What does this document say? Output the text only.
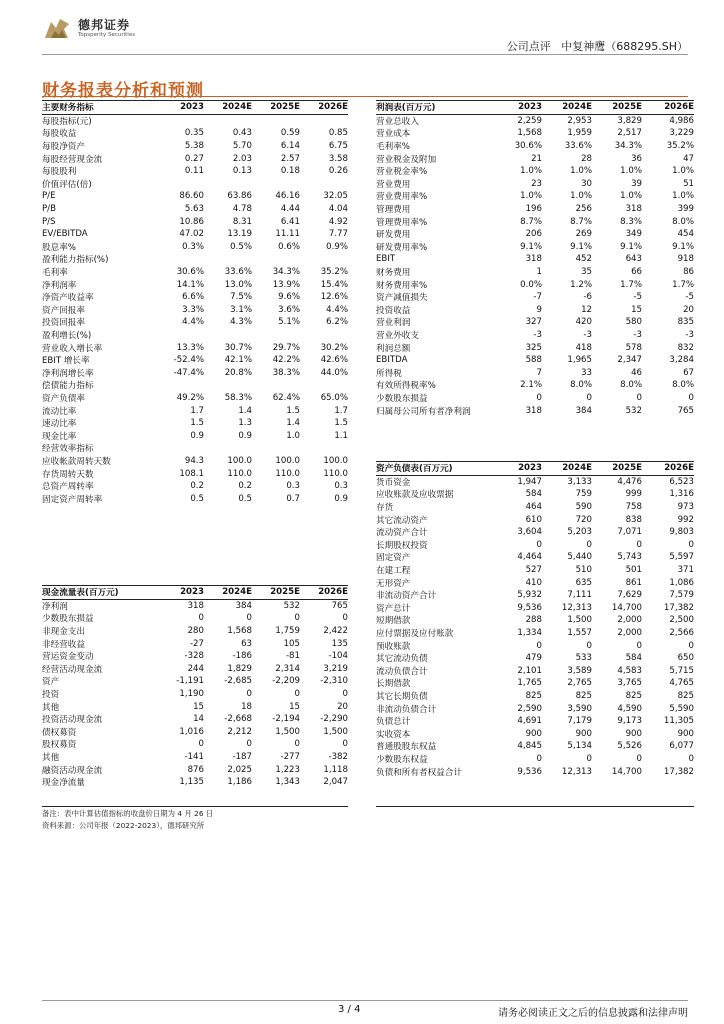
德邦证券
Topsperity Securities
公司点评   中复神鹰（688295.SH）
财务报表分析和预测
主要财务指标	2023	2024E	2025E	2026E
每股指标(元)				
每股收益	0.35	0.43	0.59	0.85
每股净资产	5.38	5.70	6.14	6.75
每股经营现金流	0.27	2.03	2.57	3.58
每股股利	0.11	0.13	0.18	0.26
价值评估(倍)				
P/E	86.60	63.86	46.16	32.05
P/B	5.63	4.78	4.44	4.04
P/S	10.86	8.31	6.41	4.92
EV/EBITDA	47.02	13.19	11.11	7.77
股息率%	0.3%	0.5%	0.6%	0.9%
盈利能力指标(%)				
毛利率	30.6%	33.6%	34.3%	35.2%
净利润率	14.1%	13.0%	13.9%	15.4%
净资产收益率	6.6%	7.5%	9.6%	12.6%
资产回报率	3.3%	3.1%	3.6%	4.4%
投资回报率	4.4%	4.3%	5.1%	6.2%
盈利增长(%)				
营业收入增长率	13.3%	30.7%	29.7%	30.2%
EBIT 增长率	-52.4%	42.1%	42.2%	42.6%
净利润增长率	-47.4%	20.8%	38.3%	44.0%
偿债能力指标				
资产负债率	49.2%	58.3%	62.4%	65.0%
流动比率	1.7	1.4	1.5	1.7
速动比率	1.5	1.3	1.4	1.5
现金比率	0.9	0.9	1.0	1.1
经营效率指标				
应收帐款周转天数	94.3	100.0	100.0	100.0
存货周转天数	108.1	110.0	110.0	110.0
总资产周转率	0.2	0.2	0.3	0.3
固定资产周转率	0.5	0.5	0.7	0.9
现金流量表(百万元)	2023	2024E	2025E	2026E
净利润	318	384	532	765
少数股东损益	0	0	0	0
非现金支出	280	1,568	1,759	2,422
非经营收益	-27	63	105	135
营运资金变动	-328	-186	-81	-104
经营活动现金流	244	1,829	2,314	3,219
资产	-1,191	-2,685	-2,209	-2,310
投资	1,190	0	0	0
其他	15	18	15	20
投资活动现金流	14	-2,668	-2,194	-2,290
债权募资	1,016	2,212	1,500	1,500
股权募资	0	0	0	0
其他	-141	-187	-277	-382
融资活动现金流	876	2,025	1,223	1,118
现金净流量	1,135	1,186	1,343	2,047
利润表(百万元)	2023	2024E	2025E	2026E
营业总收入	2,259	2,953	3,829	4,986
营业成本	1,568	1,959	2,517	3,229
毛利率%	30.6%	33.6%	34.3%	35.2%
营业税金及附加	21	28	36	47
营业税金率%	1.0%	1.0%	1.0%	1.0%
营业费用	23	30	39	51
营业费用率%	1.0%	1.0%	1.0%	1.0%
管理费用	196	256	318	399
管理费用率%	8.7%	8.7%	8.3%	8.0%
研发费用	206	269	349	454
研发费用率%	9.1%	9.1%	9.1%	9.1%
EBIT	318	452	643	918
财务费用	1	35	66	86
财务费用率%	0.0%	1.2%	1.7%	1.7%
资产减值损失	-7	-6	-5	-5
投资收益	9	12	15	20
营业利润	327	420	580	835
营业外收支	-3	-3	-3	-3
利润总额	325	418	578	832
EBITDA	588	1,965	2,347	3,284
所得税	7	33	46	67
有效所得税率%	2.1%	8.0%	8.0%	8.0%
少数股东损益	0	0	0	0
归属母公司所有者净利润	318	384	532	765
资产负债表(百万元)	2023	2024E	2025E	2026E
货币资金	1,947	3,133	4,476	6,523
应收账款及应收票据	584	759	999	1,316
存货	464	590	758	973
其它流动资产	610	720	838	992
流动资产合计	3,604	5,203	7,071	9,803
长期股权投资	0	0	0	0
固定资产	4,464	5,440	5,743	5,597
在建工程	527	510	501	371
无形资产	410	635	861	1,086
非流动资产合计	5,932	7,111	7,629	7,579
资产总计	9,536	12,313	14,700	17,382
短期借款	288	1,500	2,000	2,500
应付票据及应付账款	1,334	1,557	2,000	2,566
预收账款	0	0	0	0
其它流动负债	479	533	584	650
流动负债合计	2,101	3,589	4,583	5,715
长期借款	1,765	2,765	3,765	4,765
其它长期负债	825	825	825	825
非流动负债合计	2,590	3,590	4,590	5,590
负债总计	4,691	7,179	9,173	11,305
实收资本	900	900	900	900
普通股股东权益	4,845	5,134	5,526	6,077
少数股东权益	0	0	0	0
负债和所有者权益合计	9,536	12,313	14,700	17,382
备注：表中计算估值指标的收盘价日期为 4 月 26 日
资料来源：公司年报（2022-2023），德邦研究所
3 / 4	请务必阅读正文之后的信息披露和法律声明
